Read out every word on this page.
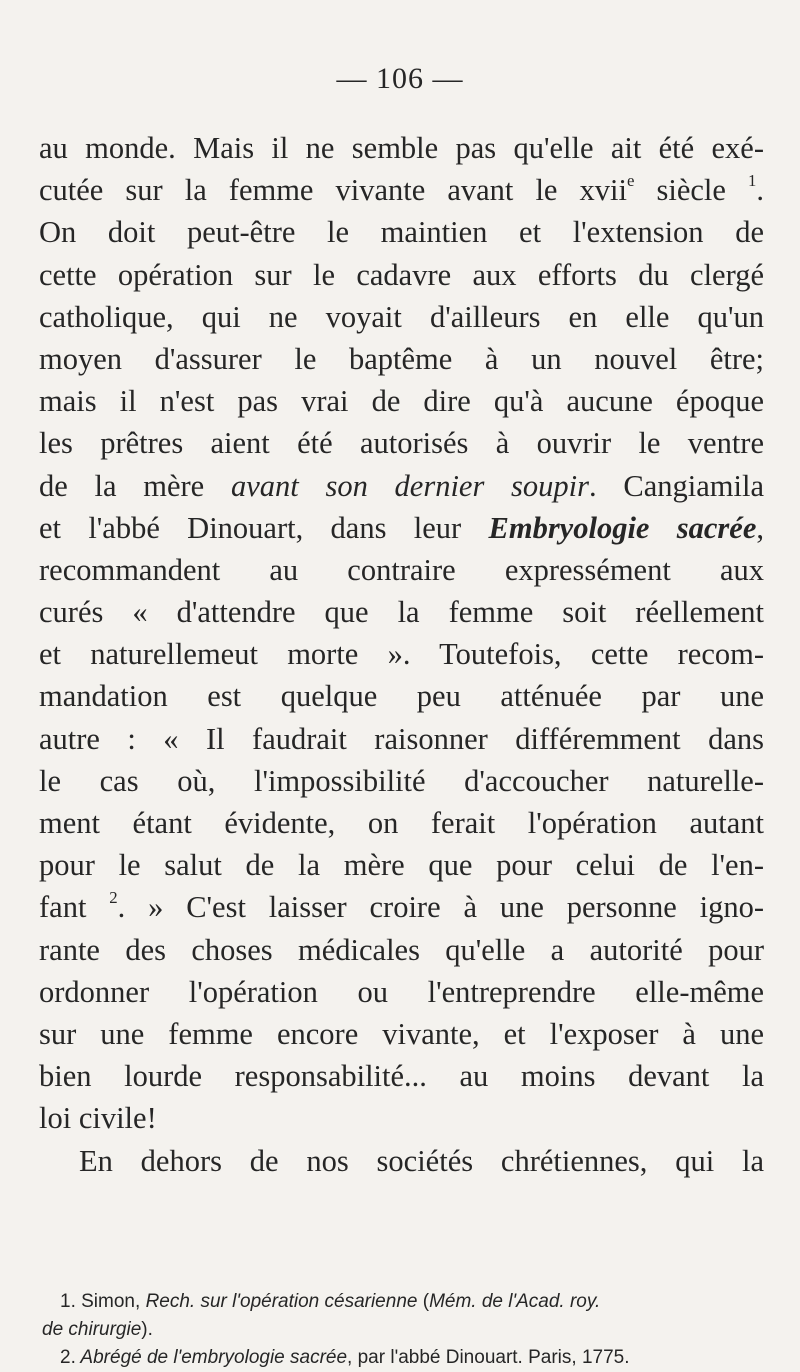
— 106 —
au monde. Mais il ne semble pas qu'elle ait été exé-
cutée sur la femme vivante avant le xvii$^e$ siècle $^1$.
On doit peut-être le maintien et l'extension de
cette opération sur le cadavre aux efforts du clergé
catholique, qui ne voyait d'ailleurs en elle qu'un
moyen d'assurer le baptême à un nouvel être;
mais il n'est pas vrai de dire qu'à aucune époque
les prêtres aient été autorisés à ouvrir le ventre
de la mère avant son dernier soupir. Cangiamila
et l'abbé Dinouart, dans leur Embryologie sacrée,
recommandent au contraire expressément aux
curés « d'attendre que la femme soit réellement
et naturellemeut morte ». Toutefois, cette recom-
mandation est quelque peu atténuée par une
autre : « Il faudrait raisonner différemment dans
le cas où, l'impossibilité d'accoucher naturelle-
ment étant évidente, on ferait l'opération autant
pour le salut de la mère que pour celui de l'en-
fant $^2$. » C'est laisser croire à une personne igno-
rante des choses médicales qu'elle a autorité pour
ordonner l'opération ou l'entreprendre elle-même
sur une femme encore vivante, et l'exposer à une
bien lourde responsabilité... au moins devant la
loi civile!
En dehors de nos sociétés chrétiennes, qui la
1. Simon, Rech. sur l'opération césarienne (Mém. de l'Acad. roy.
de chirurgie).
2. Abrégé de l'embryologie sacrée, par l'abbé Dinouart. Paris, 1775.
